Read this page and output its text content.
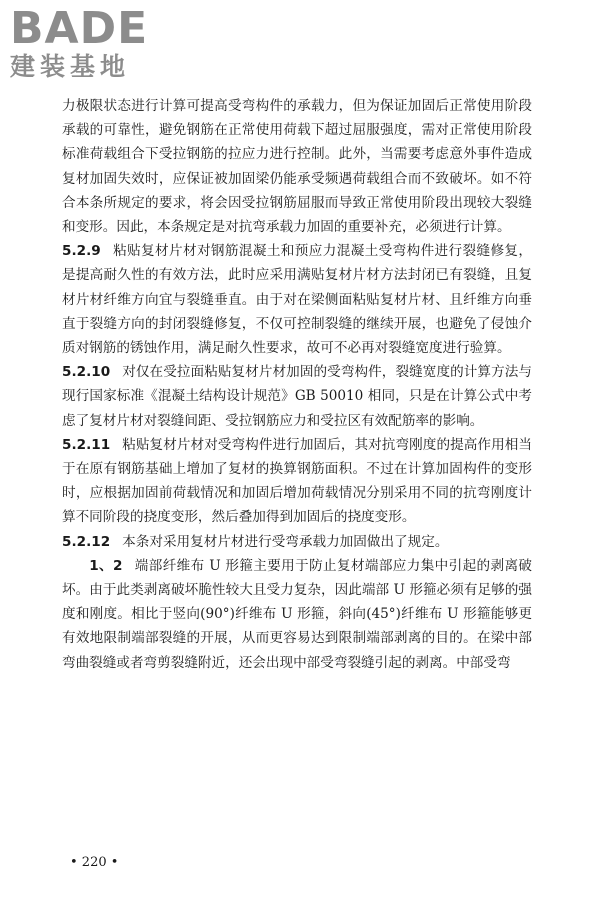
BADE
建装基地

力极限状态进行计算可提高受弯构件的承载力，但为保证加固后正常使用阶段承载的可靠性，避免钢筋在正常使用荷载下超过屈服强度，需对正常使用阶段标准荷载组合下受拉钢筋的拉应力进行控制。此外，当需要考虑意外事件造成复材加固失效时，应保证被加固梁仍能承受频遇荷载组合而不致破坏。如不符合本条所规定的要求，将会因受拉钢筋屈服而导致正常使用阶段出现较大裂缝和变形。因此，本条规定是对抗弯承载力加固的重要补充，必须进行计算。

5.2.9 粘贴复材片材对钢筋混凝土和预应力混凝土受弯构件进行裂缝修复，是提高耐久性的有效方法，此时应采用满贴复材片材方法封闭已有裂缝，且复材片材纤维方向宜与裂缝垂直。由于对在梁侧面粘贴复材片材、且纤维方向垂直于裂缝方向的封闭裂缝修复，不仅可控制裂缝的继续开展，也避免了侵蚀介质对钢筋的锈蚀作用，满足耐久性要求，故可不必再对裂缝宽度进行验算。

5.2.10 对仅在受拉面粘贴复材片材加固的受弯构件，裂缝宽度的计算方法与现行国家标准《混凝土结构设计规范》GB 50010 相同，只是在计算公式中考虑了复材片材对裂缝间距、受拉钢筋应力和受拉区有效配筋率的影响。

5.2.11 粘贴复材片材对受弯构件进行加固后，其对抗弯刚度的提高作用相当于在原有钢筋基础上增加了复材的换算钢筋面积。不过在计算加固构件的变形时，应根据加固前荷载情况和加固后增加荷载情况分别采用不同的抗弯刚度计算不同阶段的挠度变形，然后叠加得到加固后的挠度变形。

5.2.12 本条对采用复材片材进行受弯承载力加固做出了规定。

1、2 端部纤维布 U 形箍主要用于防止复材端部应力集中引起的剥离破坏。由于此类剥离破坏脆性较大且受力复杂，因此端部 U 形箍必须有足够的强度和刚度。相比于竖向(90°)纤维布 U 形箍，斜向(45°)纤维布 U 形箍能够更有效地限制端部裂缝的开展，从而更容易达到限制端部剥离的目的。在梁中部弯曲裂缝或者弯剪裂缝附近，还会出现中部受弯裂缝引起的剥离。中部受弯

• 220 •
